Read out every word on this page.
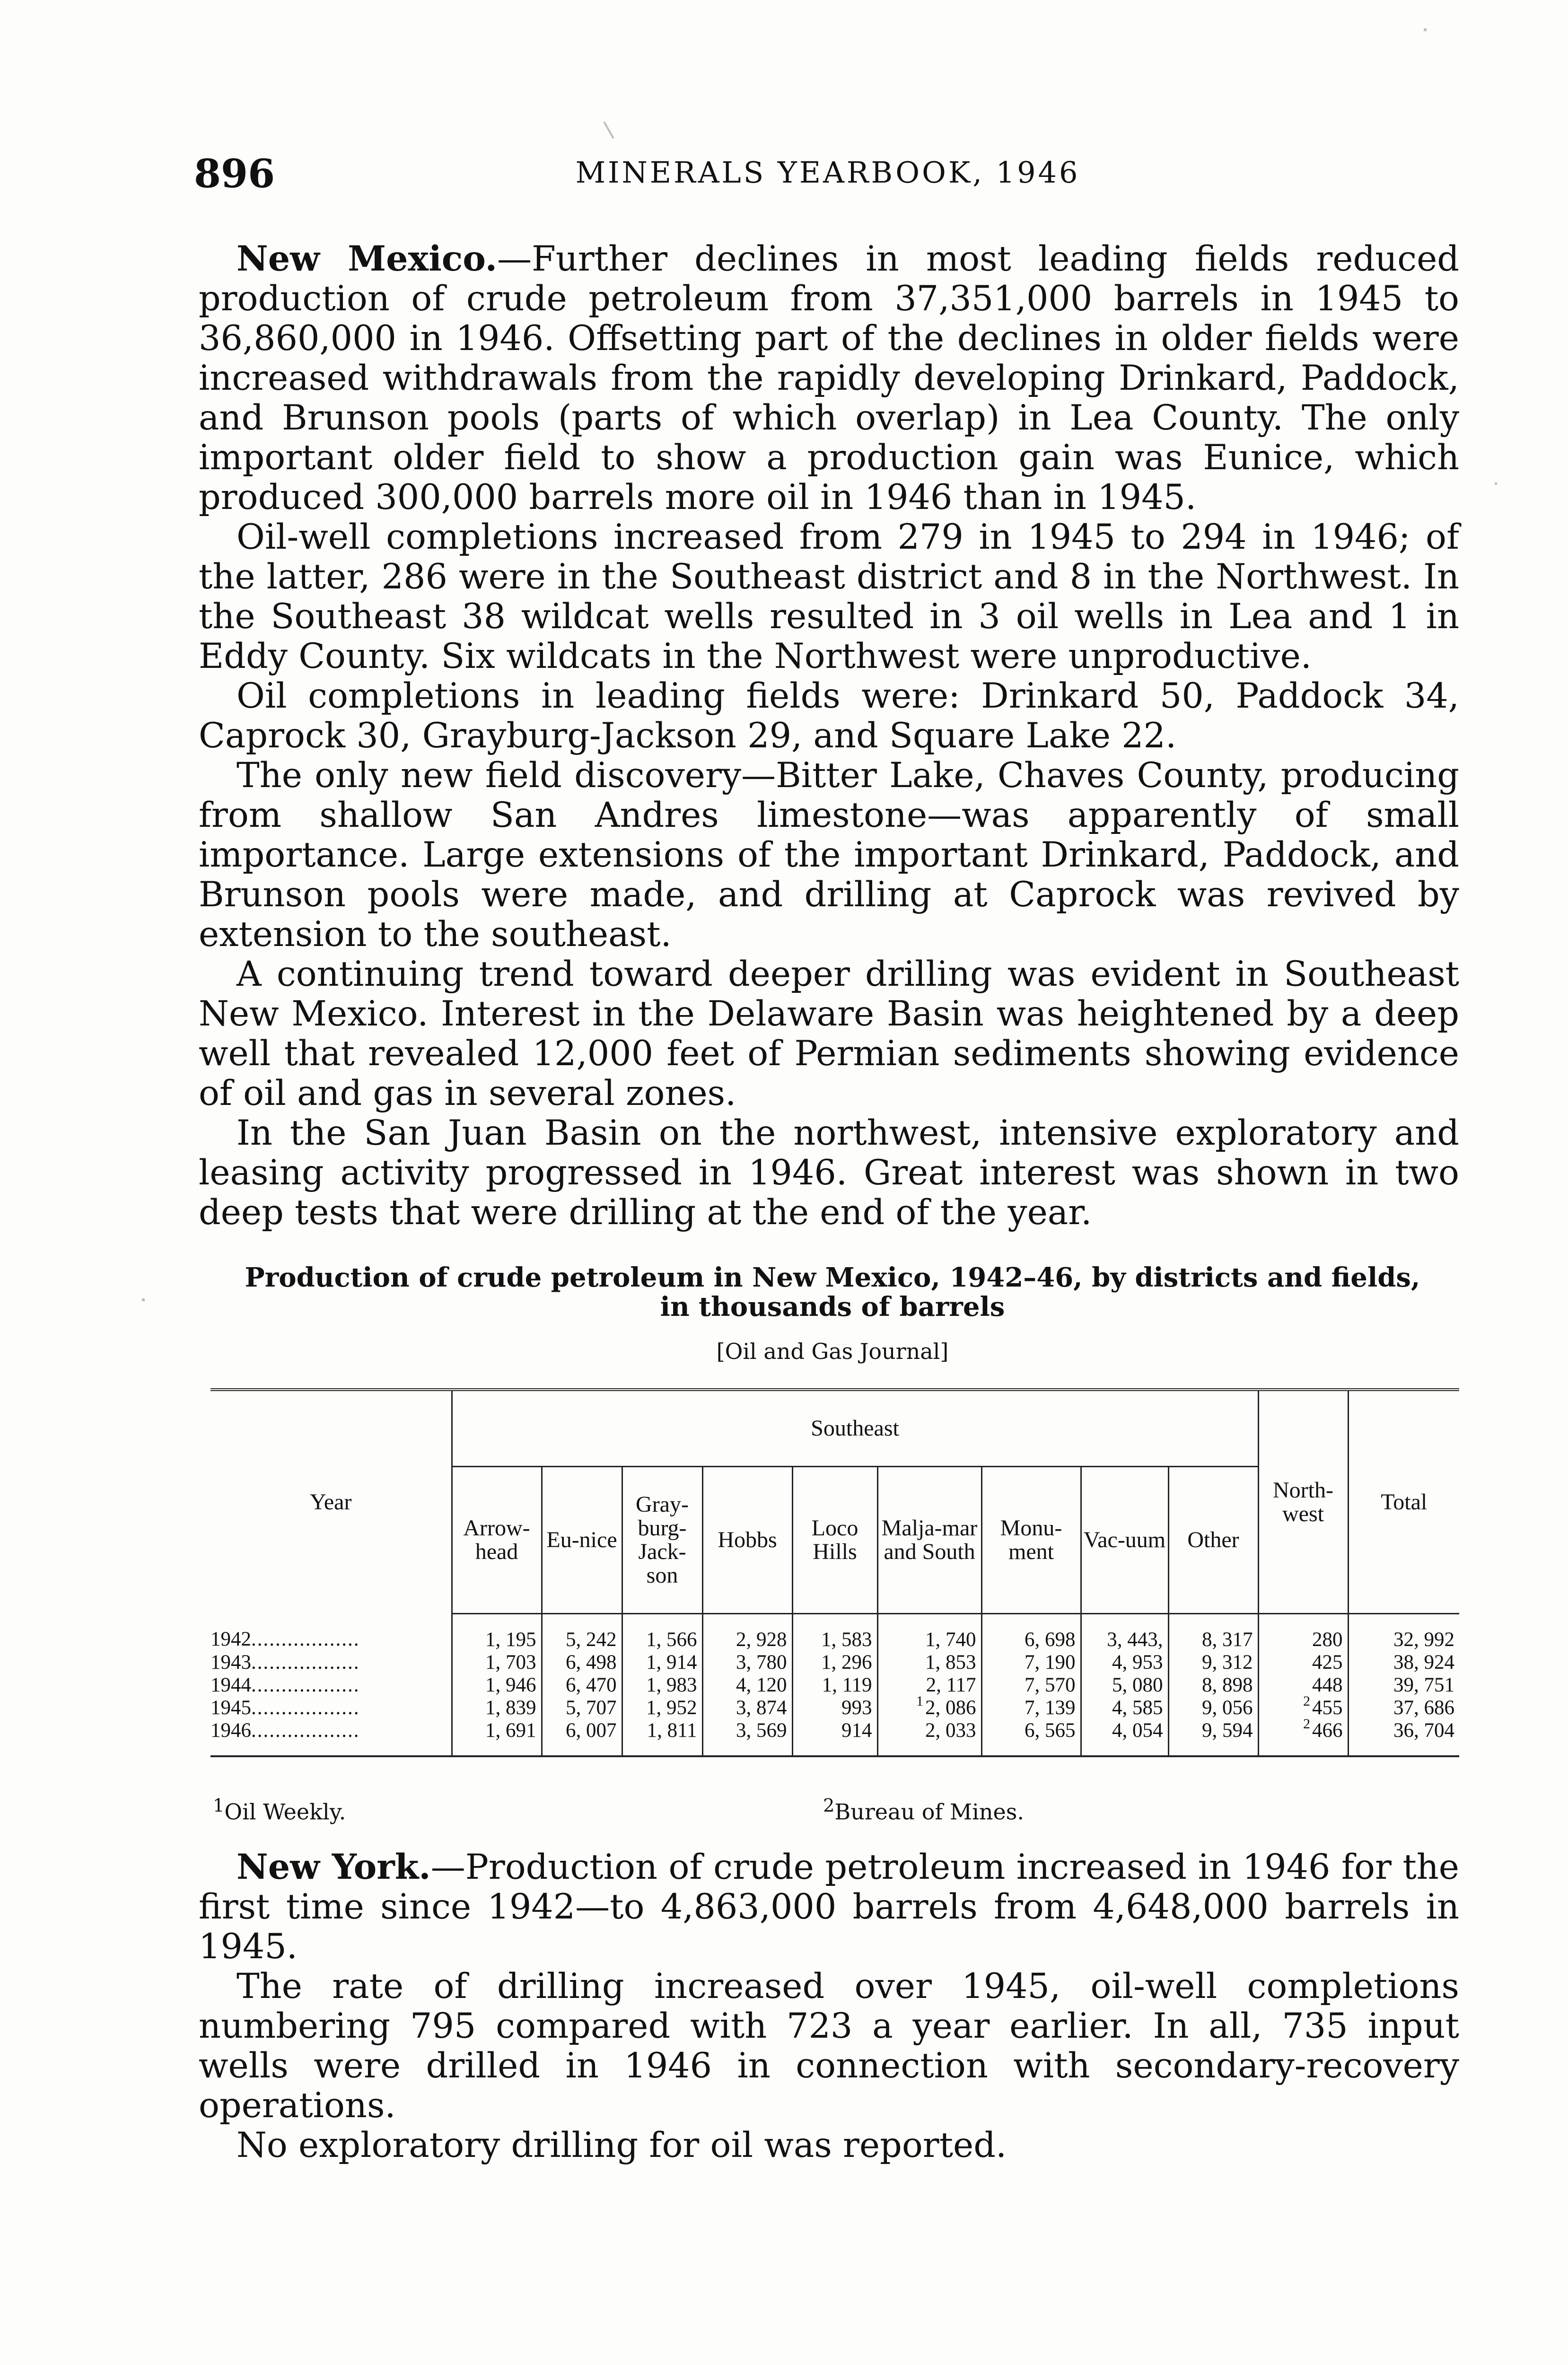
896	MINERALS YEARBOOK, 1946

New Mexico.—Further declines in most leading fields reduced production of crude petroleum from 37,351,000 barrels in 1945 to 36,860,000 in 1946. Offsetting part of the declines in older fields were increased withdrawals from the rapidly developing Drinkard, Paddock, and Brunson pools (parts of which overlap) in Lea County. The only important older field to show a production gain was Eunice, which produced 300,000 barrels more oil in 1946 than in 1945.

Oil-well completions increased from 279 in 1945 to 294 in 1946; of the latter, 286 were in the Southeast district and 8 in the Northwest. In the Southeast 38 wildcat wells resulted in 3 oil wells in Lea and 1 in Eddy County. Six wildcats in the Northwest were unproductive.

Oil completions in leading fields were: Drinkard 50, Paddock 34, Caprock 30, Grayburg-Jackson 29, and Square Lake 22.

The only new field discovery—Bitter Lake, Chaves County, producing from shallow San Andres limestone—was apparently of small importance. Large extensions of the important Drinkard, Paddock, and Brunson pools were made, and drilling at Caprock was revived by extension to the southeast.

A continuing trend toward deeper drilling was evident in Southeast New Mexico. Interest in the Delaware Basin was heightened by a deep well that revealed 12,000 feet of Permian sediments showing evidence of oil and gas in several zones.

In the San Juan Basin on the northwest, intensive exploratory and leasing activity progressed in 1946. Great interest was shown in two deep tests that were drilling at the end of the year.

Production of crude petroleum in New Mexico, 1942–46, by districts and fields,
in thousands of barrels
[Oil and Gas Journal]
Year	Southeast									North-west	Total
	Arrow-head	Eu-nice	Gray-burg-Jack-son	Hobbs	Loco Hills	Malja-mar and South	Monu-ment	Vac-uum	Other		
1942..................	1, 195	5, 242	1, 566	2, 928	1, 583	1, 740	6, 698	3, 443,	8, 317	280	32, 992
1943..................	1, 703	6, 498	1, 914	3, 780	1, 296	1, 853	7, 190	4, 953	9, 312	425	38, 924
1944..................	1, 946	6, 470	1, 983	4, 120	1, 119	2, 117	7, 570	5, 080	8, 898	448	39, 751
1945..................	1, 839	5, 707	1, 952	3, 874	993	$^1$2, 086	7, 139	4, 585	9, 056	$^2$455	37, 686
1946..................	1, 691	6, 007	1, 811	3, 569	914	2, 033	6, 565	4, 054	9, 594	$^2$466	36, 704
$^1$Oil Weekly.	$^2$Bureau of Mines.

New York.—Production of crude petroleum increased in 1946 for the first time since 1942—to 4,863,000 barrels from 4,648,000 barrels in 1945.

The rate of drilling increased over 1945, oil-well completions numbering 795 compared with 723 a year earlier. In all, 735 input wells were drilled in 1946 in connection with secondary-recovery operations.

No exploratory drilling for oil was reported.
